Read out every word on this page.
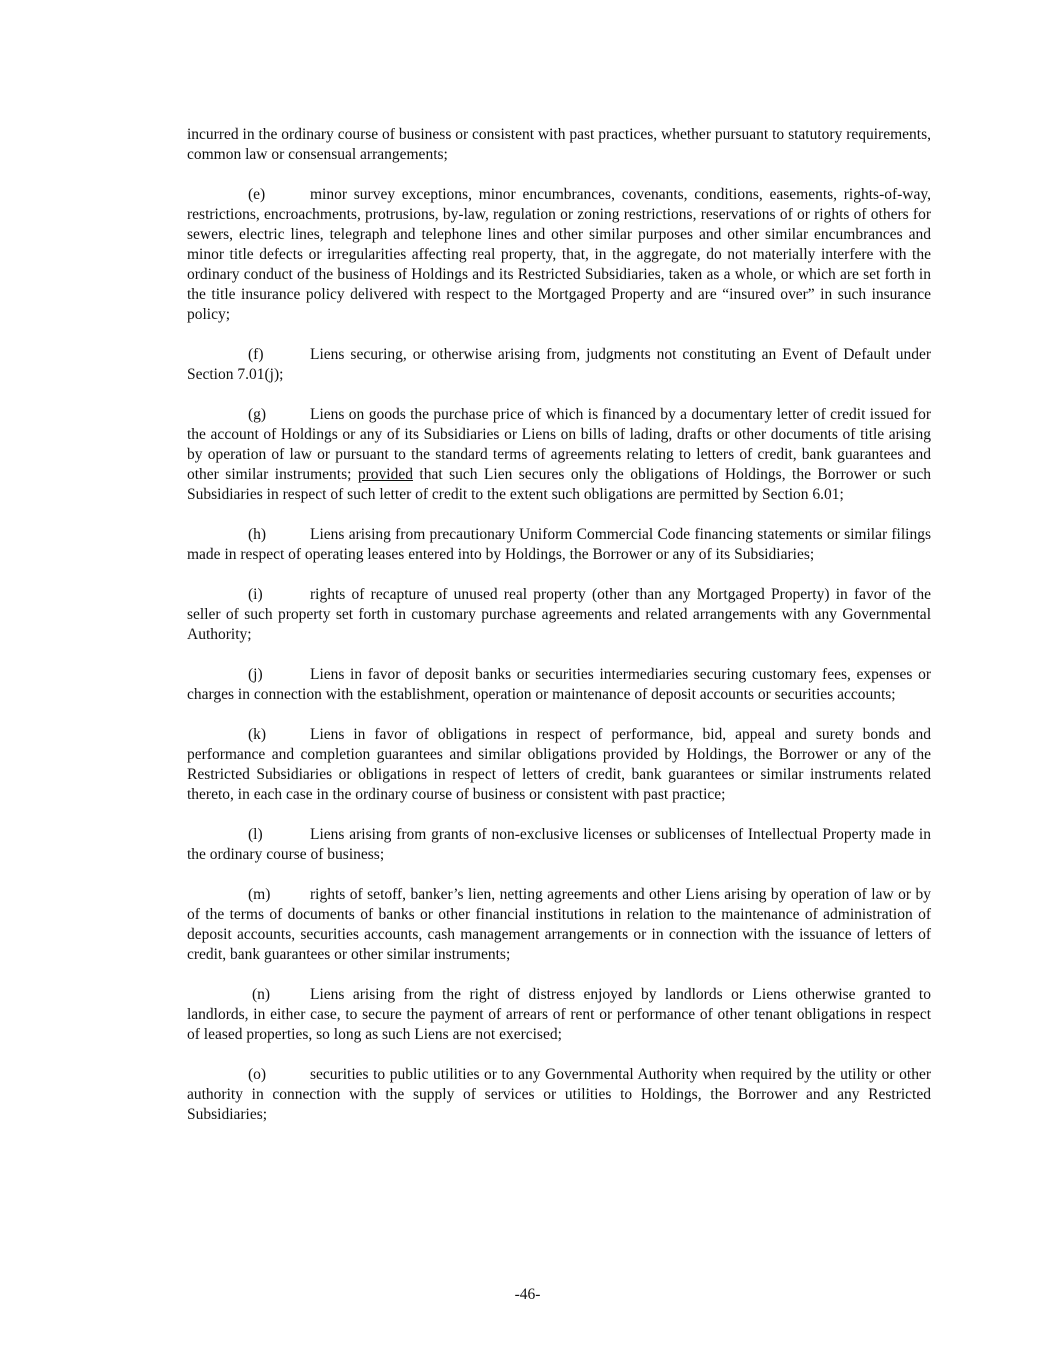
incurred in the ordinary course of business or consistent with past practices, whether pursuant to statutory requirements, common law or consensual arrangements;

(e)	minor survey exceptions, minor encumbrances, covenants, conditions, easements, rights-of-way, restrictions, encroachments, protrusions, by-law, regulation or zoning restrictions, reservations of or rights of others for sewers, electric lines, telegraph and telephone lines and other similar purposes and other similar encumbrances and minor title defects or irregularities affecting real property, that, in the aggregate, do not materially interfere with the ordinary conduct of the business of Holdings and its Restricted Subsidiaries, taken as a whole, or which are set forth in the title insurance policy delivered with respect to the Mortgaged Property and are “insured over” in such insurance policy;

(f)	Liens securing, or otherwise arising from, judgments not constituting an Event of Default under Section 7.01(j);

(g)	Liens on goods the purchase price of which is financed by a documentary letter of credit issued for the account of Holdings or any of its Subsidiaries or Liens on bills of lading, drafts or other documents of title arising by operation of law or pursuant to the standard terms of agreements relating to letters of credit, bank guarantees and other similar instruments; provided that such Lien secures only the obligations of Holdings, the Borrower or such Subsidiaries in respect of such letter of credit to the extent such obligations are permitted by Section 6.01;

(h)	Liens arising from precautionary Uniform Commercial Code financing statements or similar filings made in respect of operating leases entered into by Holdings, the Borrower or any of its Subsidiaries;

(i)	rights of recapture of unused real property (other than any Mortgaged Property) in favor of the seller of such property set forth in customary purchase agreements and related arrangements with any Governmental Authority;

(j)	Liens in favor of deposit banks or securities intermediaries securing customary fees, expenses or charges in connection with the establishment, operation or maintenance of deposit accounts or securities accounts;

(k)	Liens in favor of obligations in respect of performance, bid, appeal and surety bonds and performance and completion guarantees and similar obligations provided by Holdings, the Borrower or any of the Restricted Subsidiaries or obligations in respect of letters of credit, bank guarantees or similar instruments related thereto, in each case in the ordinary course of business or consistent with past practice;

(l)	Liens arising from grants of non-exclusive licenses or sublicenses of Intellectual Property made in the ordinary course of business;

(m)	rights of setoff, banker’s lien, netting agreements and other Liens arising by operation of law or by of the terms of documents of banks or other financial institutions in relation to the maintenance of administration of deposit accounts, securities accounts, cash management arrangements or in connection with the issuance of letters of credit, bank guarantees or other similar instruments;

(n)	Liens arising from the right of distress enjoyed by landlords or Liens otherwise granted to landlords, in either case, to secure the payment of arrears of rent or performance of other tenant obligations in respect of leased properties, so long as such Liens are not exercised;

(o)	securities to public utilities or to any Governmental Authority when required by the utility or other authority in connection with the supply of services or utilities to Holdings, the Borrower and any Restricted Subsidiaries;

-46-
